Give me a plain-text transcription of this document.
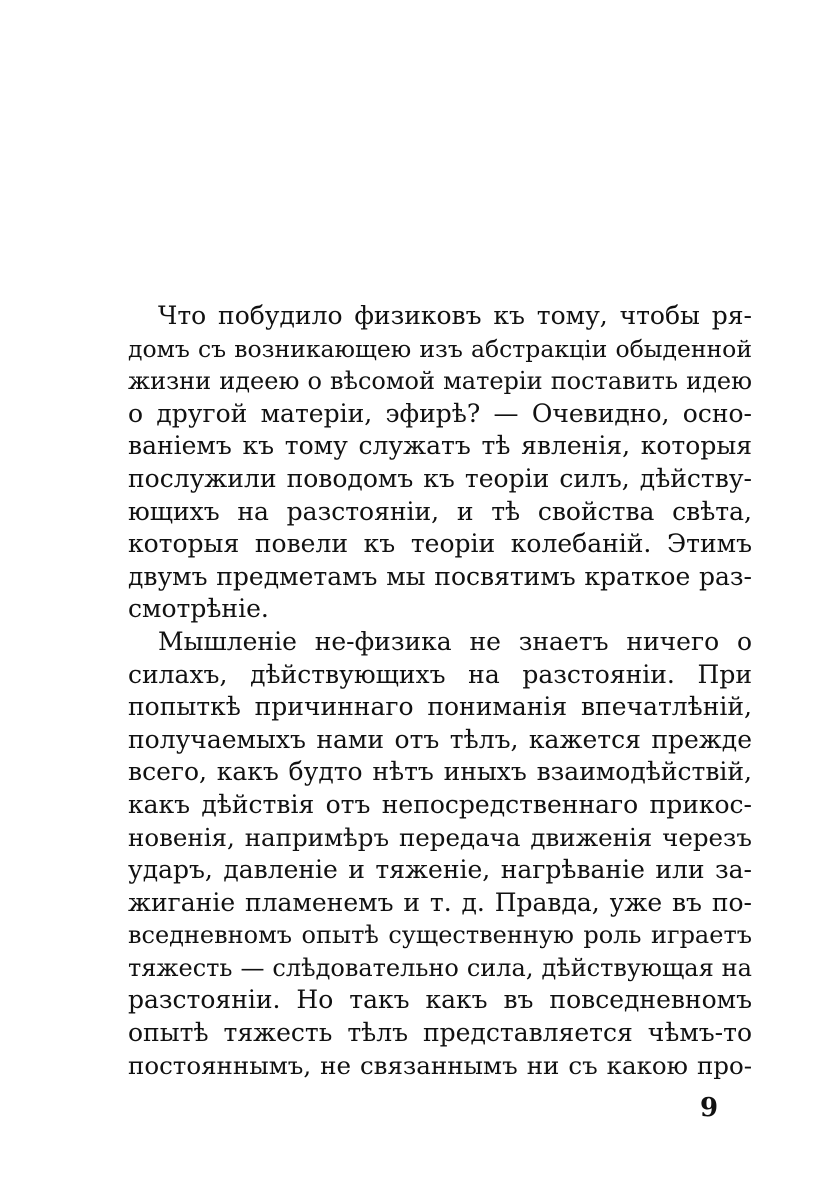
Что побудило физиковъ къ тому, чтобы ря-
домъ съ возникающею изъ абстракціи обыденной
жизни идеею о вѣсомой матеріи поставить идею
о другой матеріи, эфирѣ? — Очевидно, осно-
ваніемъ къ тому служатъ тѣ явленія, которыя
послужили поводомъ къ теоріи силъ, дѣйству-
ющихъ на разстояніи, и тѣ свойства свѣта,
которыя повели къ теоріи колебаній. Этимъ
двумъ предметамъ мы посвятимъ краткое раз-
смотрѣніе.
Мышленіе не-физика не знаетъ ничего о
силахъ, дѣйствующихъ на разстояніи. При
попыткѣ причиннаго пониманія впечатлѣній,
получаемыхъ нами отъ тѣлъ, кажется прежде
всего, какъ будто нѣтъ иныхъ взаимодѣйствій,
какъ дѣйствія отъ непосредственнаго прикос-
новенія, напримѣръ передача движенія черезъ
ударъ, давленіе и тяженіе, нагрѣваніе или за-
жиганіе пламенемъ и т. д. Правда, уже въ по-
вседневномъ опытѣ существенную роль играетъ
тяжесть — слѣдовательно сила, дѣйствующая на
разстояніи. Но такъ какъ въ повседневномъ
опытѣ тяжесть тѣлъ представляется чѣмъ-то
постояннымъ, не связаннымъ ни съ какою про-
9
